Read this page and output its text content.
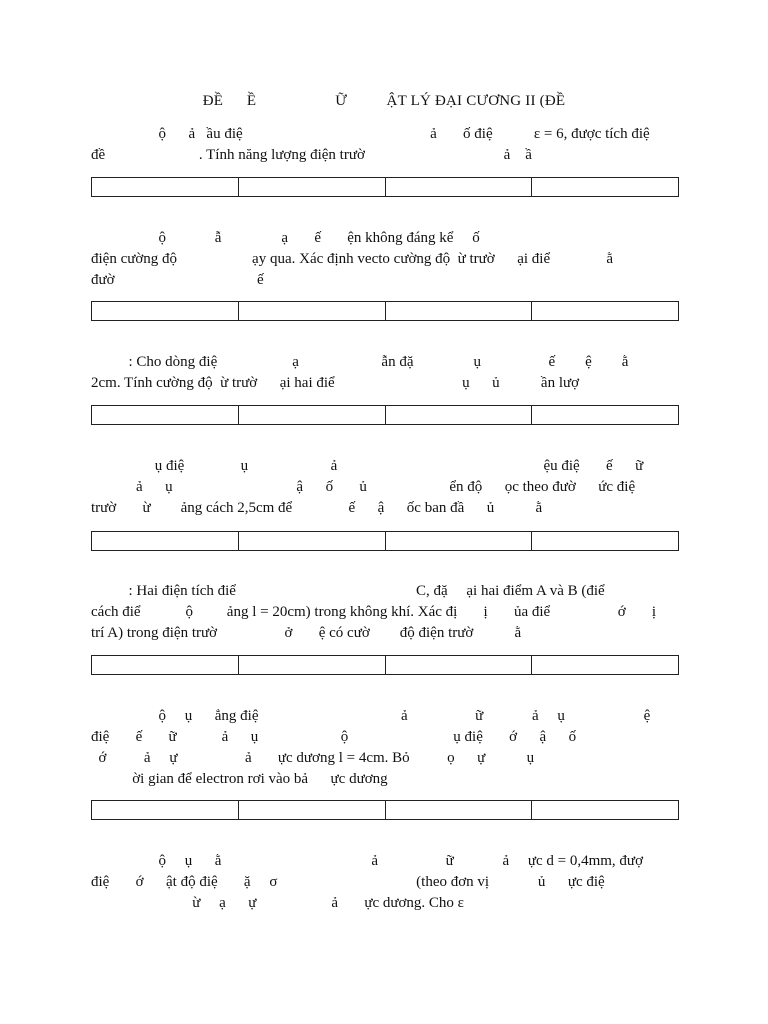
ĐỀ      Ề                    Ữ          ẬT LÝ ĐẠI CƯƠNG II (ĐỀ
ộ      ả   ầu điệ                                                  ả       ố điệ           ε = 6, được tích điệ
đề                         . Tính năng lượng điện trườ                                     ả    ầ
ộ             ẫ                ạ       ế       ện không đáng kể     ố
điện cường độ                    ạy qua. Xác định vecto cường độ  ừ trườ      ại điể               ằ
đườ                                      ế
: Cho dòng điệ                    ạ                      ẫn đặ                ụ                  ế        ệ        ằ
2cm. Tính cường độ  ừ trườ      ại hai điể                                  ụ      ủ           ần lượ
ụ điệ               ụ                      ả                                                       ệu điệ       ế      ữ
ả      ụ                                 ậ      ố       ủ                      ển độ      ọc theo đườ      ức điệ
trườ       ừ        ảng cách 2,5cm để               ế      ậ      ốc ban đầ      ủ           ằ
: Hai điện tích điể                                                C, đặ     ại hai điểm A và B (điể
cách điể            ộ         ảng l = 20cm) trong không khí. Xác đị       ị       ủa điể                  ớ       ị
trí A) trong điện trườ                  ở       ệ có cườ        độ điện trườ           ằ
ộ     ụ      ẳng điệ                                      ả                  ữ             ả     ụ                     ệ
điệ       ế       ữ            ả      ụ                      ộ                            ụ điệ       ớ      ậ      ố
ớ          ả     ự                  ả       ực dương l = 4cm. Bỏ          ọ      ự           ụ
ời gian để electron rơi vào bả      ực dương
ộ     ụ      ằ                                        ả                  ữ             ả     ực d = 0,4mm, đượ
điệ       ớ      ật độ điệ       ặ     σ                                     (theo đơn vị             ủ      ực điệ
ừ     ạ      ự                    ả       ực dương. Cho ε
